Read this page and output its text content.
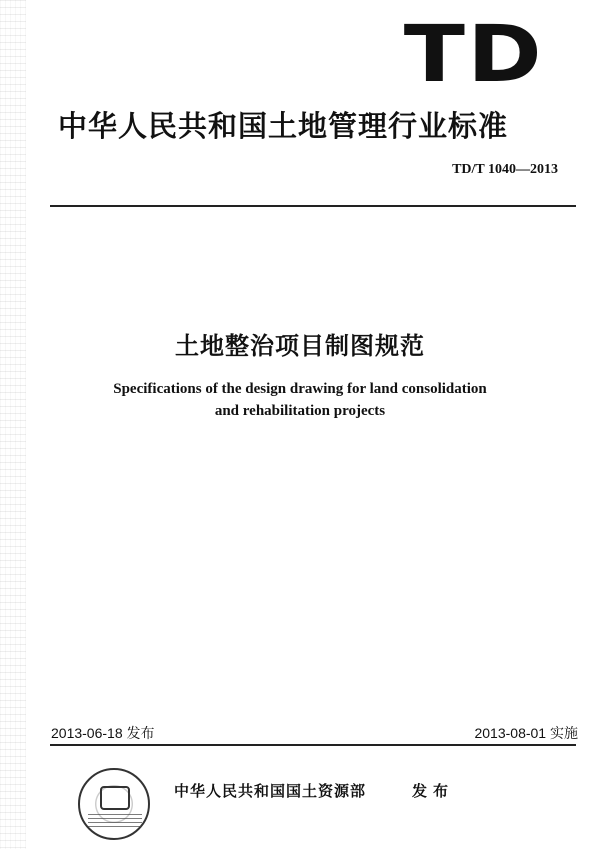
TD
中华人民共和国土地管理行业标准
TD/T 1040—2013
土地整治项目制图规范
Specifications of the design drawing for land consolidation
and rehabilitation projects
2013-06-18 发布	2013-08-01 实施
中华人民共和国国土资源部	发布
